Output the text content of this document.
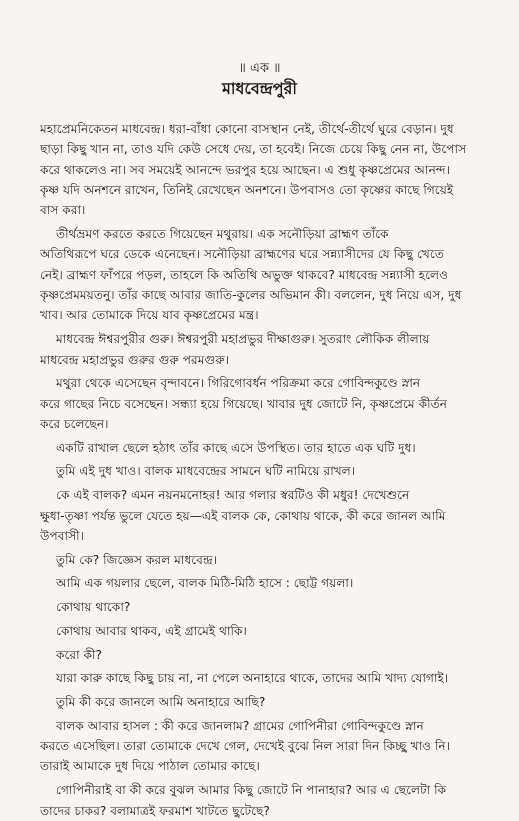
॥ এক ॥
মাধবেন্দ্রপুরী
মহাপ্রেমনিকেতন মাধবেন্দ্র। ধরা-বাঁধা কোনো বাসস্থান নেই, তীর্থে-তীর্থে ঘুরে বেড়ান। দুধ
ছাড়া কিছু খান না, তাও যদি কেউ সেধে দেয়, তা হবেই। নিজে চেয়ে কিছু নেন না, উপোস
করে থাকলেও না। সব সময়েই আনন্দে ভরপুর হয়ে আছেন। এ শুধু কৃষ্ণপ্রেমের আনন্দ।
কৃষ্ণ যদি অনশনে রাখেন, তিনিই রেখেছেন অনশনে। উপবাসও তো কৃষ্ণের কাছে গিয়েই
বাস করা।
তীর্থভ্রমণ করতে করতে গিয়েছেন মথুরায়। এক সনৌড়িয়া ব্রাহ্মণ তাঁকে
অতিথিরূপে ঘরে ডেকে এনেছেন। সনৌড়িয়া ব্রাহ্মণের ঘরে সন্ন্যাসীদের যে কিছু খেতে
নেই। ব্রাহ্মণ ফাঁপরে পড়ল, তাহলে কি অতিথি অভুক্ত থাকবে? মাধবেন্দ্র সন্ন্যাসী হলেও
কৃষ্ণপ্রেমময়তনু। তাঁর কাছে আবার জাতি-কুলের অভিমান কী। বললেন, দুধ নিয়ে এস, দুধ
খাব। আর তোমাকে দিয়ে যাব কৃষ্ণপ্রেমের মন্ত্র।
মাধবেন্দ্র ঈশ্বরপুরীর গুরু। ঈশ্বরপুরী মহাপ্রভুর দীক্ষাগুরু। সুতরাং লৌকিক লীলায়
মাধবেন্দ্র মহাপ্রভুর গুরুর গুরু পরমগুরু।
মথুরা থেকে এসেছেন বৃন্দাবনে। গিরিগোবর্ধন পরিক্রমা করে গোবিন্দকুণ্ডে স্নান
করে গাছের নিচে বসেছেন। সন্ধ্যা হয়ে গিয়েছে। খাবার দুধ জোটে নি, কৃষ্ণপ্রেমে কীর্তন
করে চলেছেন।
একটি রাখাল ছেলে হঠাৎ তাঁর কাছে এসে উপস্থিত। তার হাতে এক ঘটি দুধ।
তুমি এই দুধ খাও। বালক মাধবেন্দ্রের সামনে ঘটি নামিয়ে রাখল।
কে এই বালক? এমন নয়নমনোহর! আর গলার স্বরটিও কী মধুর! দেখেশুনে
ক্ষুধা-তৃষ্ণা পর্যন্ত ভুলে যেতে হয়—এই বালক কে, কোথায় থাকে, কী করে জানল আমি
উপবাসী।
তুমি কে? জিজ্ঞেস করল মাধবেন্দ্র।
আমি এক গয়লার ছেলে, বালক মিঠি-মিঠি হাসে : ছোট্ট গয়লা।
কোথায় থাকো?
কোথায় আবার থাকব, এই গ্রামেই থাকি।
করো কী?
যারা কারু কাছে কিছু চায় না, না পেলে অনাহারে থাকে, তাদের আমি খাদ্য যোগাই।
তুমি কী করে জানলে আমি অনাহারে আছি?
বালক আবার হাসল : কী করে জানলাম? গ্রামের গোপিনীরা গোবিন্দকুণ্ডে স্নান
করতে এসেছিল। তারা তোমাকে দেখে গেল, দেখেই বুঝে নিল সারা দিন কিচ্ছু খাও নি।
তারাই আমাকে দুধ দিয়ে পাঠাল তোমার কাছে।
গোপিনীরাই বা কী করে বুঝল আমার কিছু জোটে নি পানাহার? আর এ ছেলেটা কি
তাদের চাকর? বলামাত্রই ফরমাশ খাটতে ছুটেছে?
